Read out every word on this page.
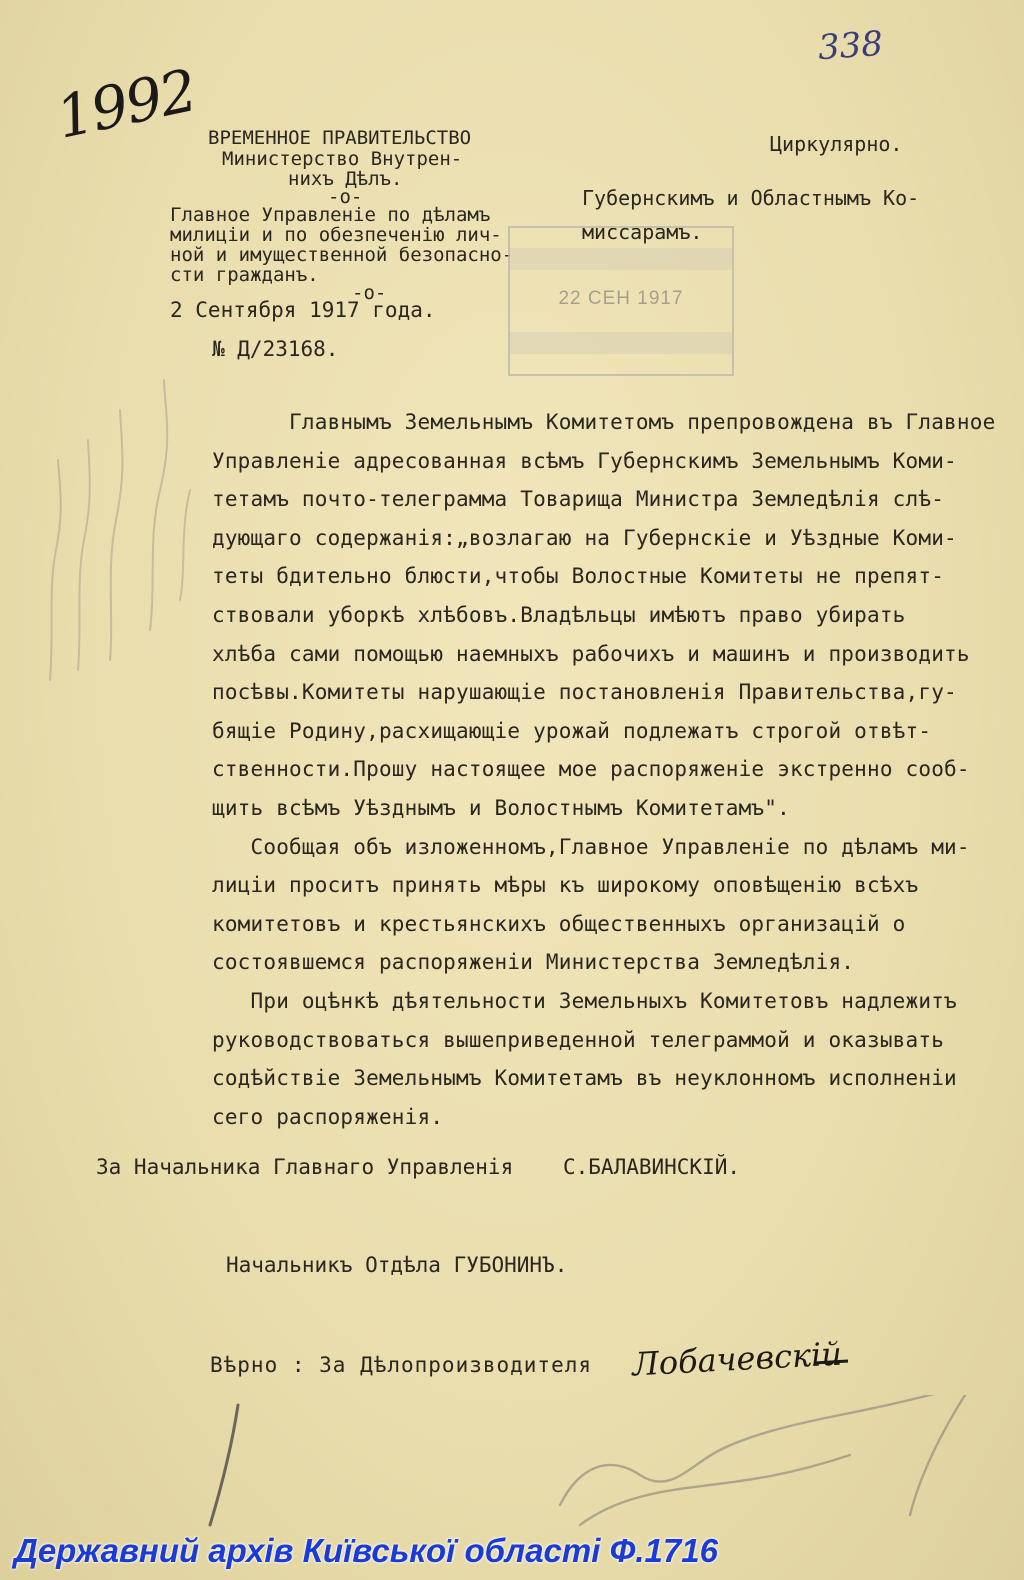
1992
338
ВРЕМЕННОЕ ПРАВИТЕЛЬСТВО
Министерство Внутрен-
нихъ Дѣлъ.
-о-
Главное Управленіе по дѣламъ
милиціи и по обезпеченію лич-
ной и имущественной безопасно-
сти гражданъ.
-о-
2 Сентября 1917 года.
№ Д/23168.
Циркулярно.
Губернскимъ и Областнымъ Ко-
миссарамъ.
22 СЕН 1917
Главнымъ Земельнымъ Комитетомъ препровождена въ Главное
Управленіе адресованная всѣмъ Губернскимъ Земельнымъ Коми-
тетамъ почто-телеграмма Товарища Министра Земледѣлія слѣ-
дующаго содержанія:„возлагаю на Губернскіе и Уѣздные Коми-
теты бдительно блюсти,чтобы Волостные Комитеты не препят-
ствовали уборкѣ хлѣбовъ.Владѣльцы имѣютъ право убирать
хлѣба сами помощью наемныхъ рабочихъ и машинъ и производить
посѣвы.Комитеты нарушающіе постановленія Правительства,гу-
бящіе Родину,расхищающіе урожай подлежатъ строгой отвѣт-
ственности.Прошу настоящее мое распоряженіе экстренно сооб-
щить всѣмъ Уѣзднымъ и Волостнымъ Комитетамъ".
Сообщая объ изложенномъ,Главное Управленіе по дѣламъ ми-
лиціи проситъ принять мѣры къ широкому оповѣщенію всѣхъ
комитетовъ и крестьянскихъ общественныхъ организацій о
состоявшемся распоряженіи Министерства Земледѣлія.
При оцѣнкѣ дѣятельности Земельныхъ Комитетовъ надлежитъ
руководствоваться вышеприведенной телеграммой и оказывать
содѣйствіе Земельнымъ Комитетамъ въ неуклонномъ исполненіи
сего распоряженія.
За Начальника Главнаго Управленія С.БАЛАВИНСКІЙ.
Начальникъ Отдѣла ГУБОНИНЪ.
Вѣрно : За Дѣлопроизводителя Лобачевскій
Державний архів Київської області Ф.1716
